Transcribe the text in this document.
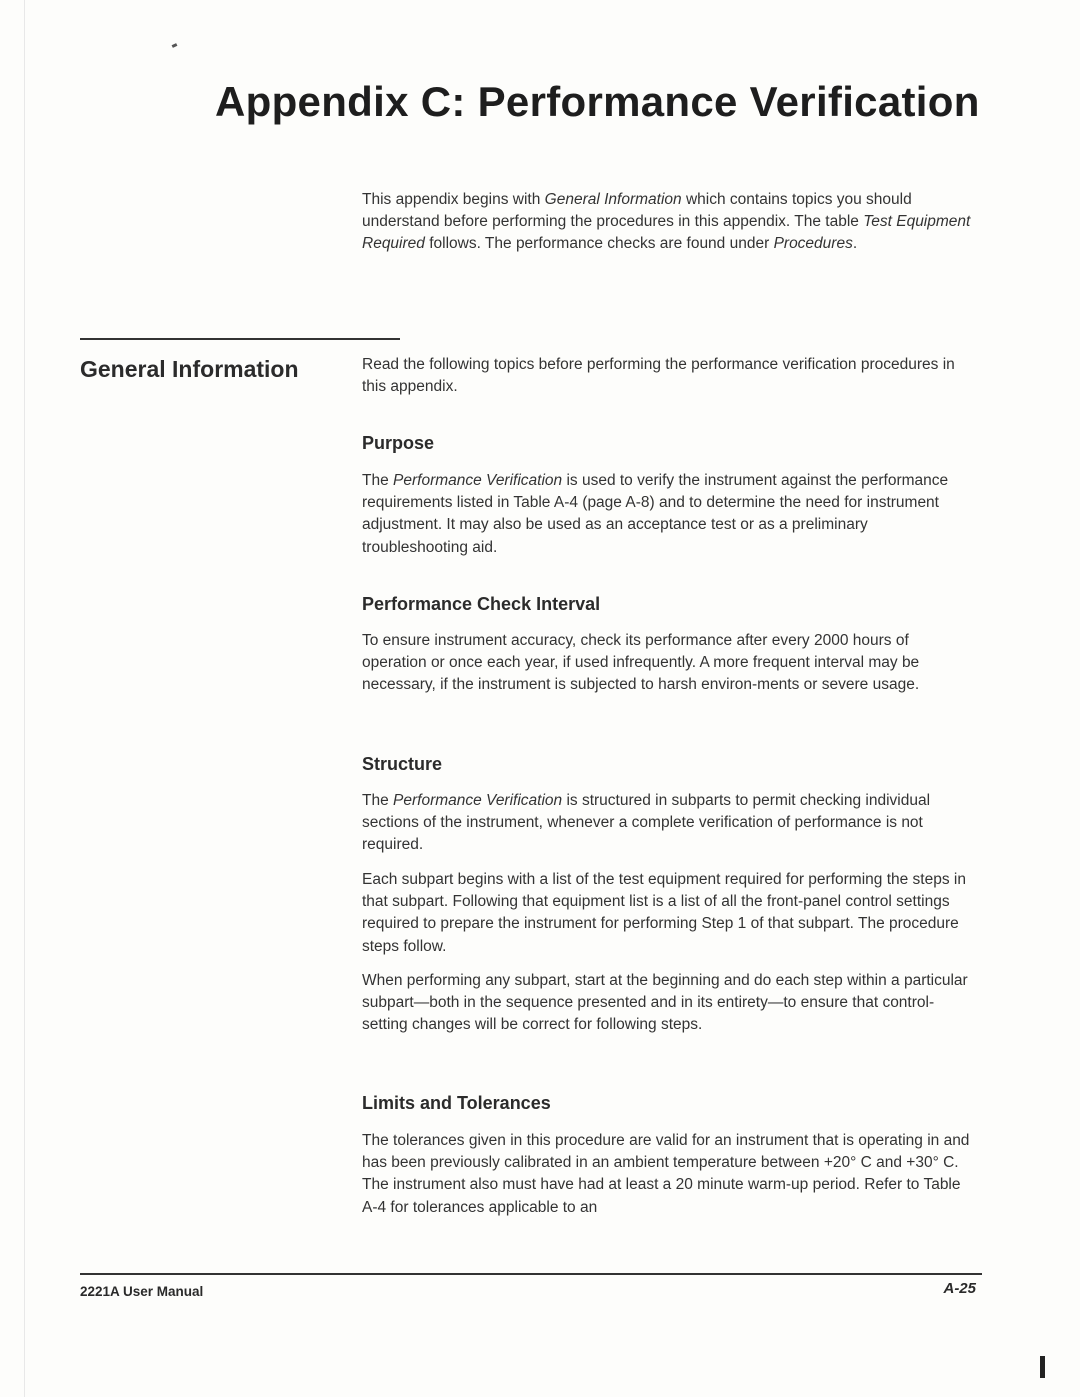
Appendix C: Performance Verification

This appendix begins with General Information which contains topics you should understand before performing the procedures in this appendix. The table Test Equipment Required follows. The performance checks are found under Procedures.

General Information	Read the following topics before performing the performance verification procedures in this appendix.

Purpose

The Performance Verification is used to verify the instrument against the performance requirements listed in Table A-4 (page A-8) and to determine the need for instrument adjustment. It may also be used as an acceptance test or as a preliminary troubleshooting aid.

Performance Check Interval

To ensure instrument accuracy, check its performance after every 2000 hours of operation or once each year, if used infrequently. A more frequent interval may be necessary, if the instrument is subjected to harsh environ-ments or severe usage.

Structure

The Performance Verification is structured in subparts to permit checking individual sections of the instrument, whenever a complete verification of performance is not required.

Each subpart begins with a list of the test equipment required for performing the steps in that subpart. Following that equipment list is a list of all the front-panel control settings required to prepare the instrument for performing Step 1 of that subpart. The procedure steps follow.

When performing any subpart, start at the beginning and do each step within a particular subpart—both in the sequence presented and in its entirety—to ensure that control-setting changes will be correct for following steps.

Limits and Tolerances

The tolerances given in this procedure are valid for an instrument that is operating in and has been previously calibrated in an ambient temperature between +20° C and +30° C. The instrument also must have had at least a 20 minute warm-up period. Refer to Table A-4 for tolerances applicable to an

2221A User Manual	A-25
